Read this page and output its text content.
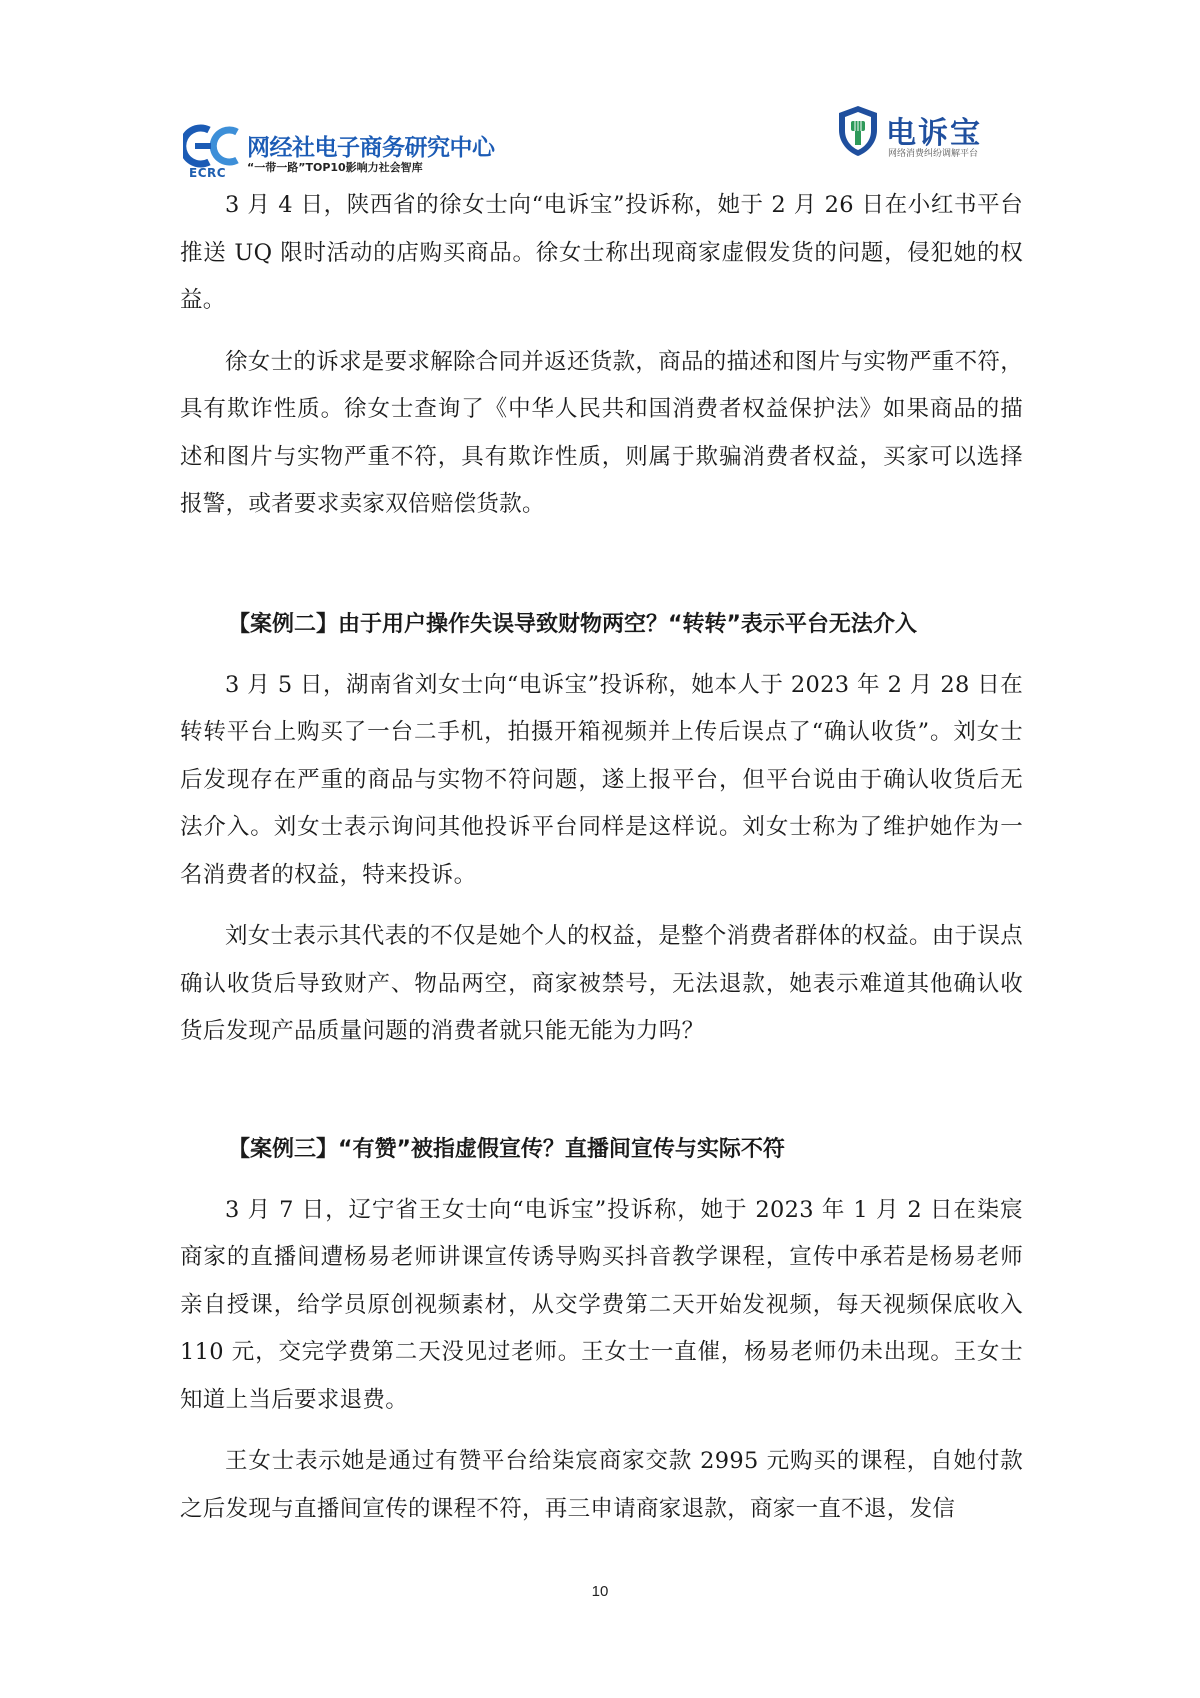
ECRC
网经社电子商务研究中心
“一带一路”TOP10影响力社会智库
电诉宝
网络消费纠纷调解平台

3 月 4 日，陕西省的徐女士向“电诉宝”投诉称，她于 2 月 26 日在小红书平台推送 UQ 限时活动的店购买商品。徐女士称出现商家虚假发货的问题，侵犯她的权益。

徐女士的诉求是要求解除合同并返还货款，商品的描述和图片与实物严重不符，具有欺诈性质。徐女士查询了《中华人民共和国消费者权益保护法》如果商品的描述和图片与实物严重不符，具有欺诈性质，则属于欺骗消费者权益，买家可以选择报警，或者要求卖家双倍赔偿货款。

【案例二】由于用户操作失误导致财物两空？“转转”表示平台无法介入

3 月 5 日，湖南省刘女士向“电诉宝”投诉称，她本人于 2023 年 2 月 28 日在转转平台上购买了一台二手机，拍摄开箱视频并上传后误点了“确认收货”。刘女士后发现存在严重的商品与实物不符问题，遂上报平台，但平台说由于确认收货后无法介入。刘女士表示询问其他投诉平台同样是这样说。刘女士称为了维护她作为一名消费者的权益，特来投诉。

刘女士表示其代表的不仅是她个人的权益，是整个消费者群体的权益。由于误点确认收货后导致财产、物品两空，商家被禁号，无法退款，她表示难道其他确认收货后发现产品质量问题的消费者就只能无能为力吗？

【案例三】“有赞”被指虚假宣传？直播间宣传与实际不符

3 月 7 日，辽宁省王女士向“电诉宝”投诉称，她于 2023 年 1 月 2 日在柒宸商家的直播间遭杨易老师讲课宣传诱导购买抖音教学课程，宣传中承若是杨易老师亲自授课，给学员原创视频素材，从交学费第二天开始发视频，每天视频保底收入 110 元，交完学费第二天没见过老师。王女士一直催，杨易老师仍未出现。王女士知道上当后要求退费。

王女士表示她是通过有赞平台给柒宸商家交款 2995 元购买的课程，自她付款之后发现与直播间宣传的课程不符，再三申请商家退款，商家一直不退，发信

10
